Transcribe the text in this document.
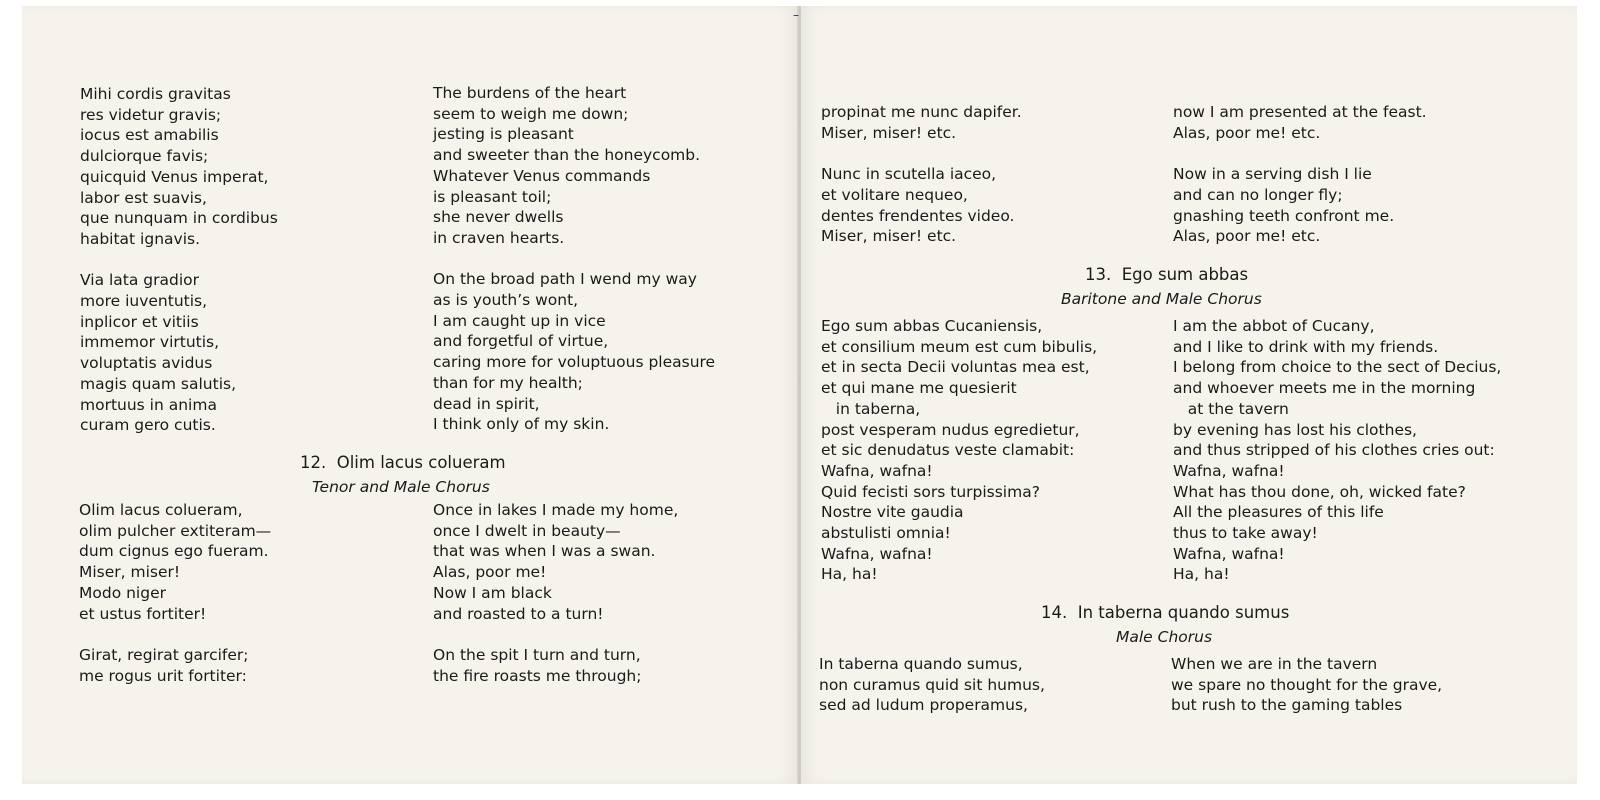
Mihi cordis gravitas
res videtur gravis;
iocus est amabilis
dulciorque favis;
quicquid Venus imperat,
labor est suavis,
que nunquam in cordibus
habitat ignavis.

Via lata gradior
more iuventutis,
inplicor et vitiis
immemor virtutis,
voluptatis avidus
magis quam salutis,
mortuus in anima
curam gero cutis.
The burdens of the heart
seem to weigh me down;
jesting is pleasant
and sweeter than the honeycomb.
Whatever Venus commands
is pleasant toil;
she never dwells
in craven hearts.

On the broad path I wend my way
as is youth’s wont,
I am caught up in vice
and forgetful of virtue,
caring more for voluptuous pleasure
than for my health;
dead in spirit,
I think only of my skin.
12.  Olim lacus colueram
Tenor and Male Chorus
Olim lacus colueram,
olim pulcher extiteram—
dum cignus ego fueram.
Miser, miser!
Modo niger
et ustus fortiter!

Girat, regirat garcifer;
me rogus urit fortiter:
Once in lakes I made my home,
once I dwelt in beauty—
that was when I was a swan.
Alas, poor me!
Now I am black
and roasted to a turn!

On the spit I turn and turn,
the fire roasts me through;
–
propinat me nunc dapifer.
Miser, miser! etc.

Nunc in scutella iaceo,
et volitare nequeo,
dentes frendentes video.
Miser, miser! etc.
now I am presented at the feast.
Alas, poor me! etc.

Now in a serving dish I lie
and can no longer fly;
gnashing teeth confront me.
Alas, poor me! etc.
13.  Ego sum abbas
Baritone and Male Chorus
Ego sum abbas Cucaniensis,
et consilium meum est cum bibulis,
et in secta Decii voluntas mea est,
et qui mane me quesierit
in taberna,
post vesperam nudus egredietur,
et sic denudatus veste clamabit:
Wafna, wafna!
Quid fecisti sors turpissima?
Nostre vite gaudia
abstulisti omnia!
Wafna, wafna!
Ha, ha!
I am the abbot of Cucany,
and I like to drink with my friends.
I belong from choice to the sect of Decius,
and whoever meets me in the morning
at the tavern
by evening has lost his clothes,
and thus stripped of his clothes cries out:
Wafna, wafna!
What has thou done, oh, wicked fate?
All the pleasures of this life
thus to take away!
Wafna, wafna!
Ha, ha!
14.  In taberna quando sumus
Male Chorus
In taberna quando sumus,
non curamus quid sit humus,
sed ad ludum properamus,
When we are in the tavern
we spare no thought for the grave,
but rush to the gaming tables
